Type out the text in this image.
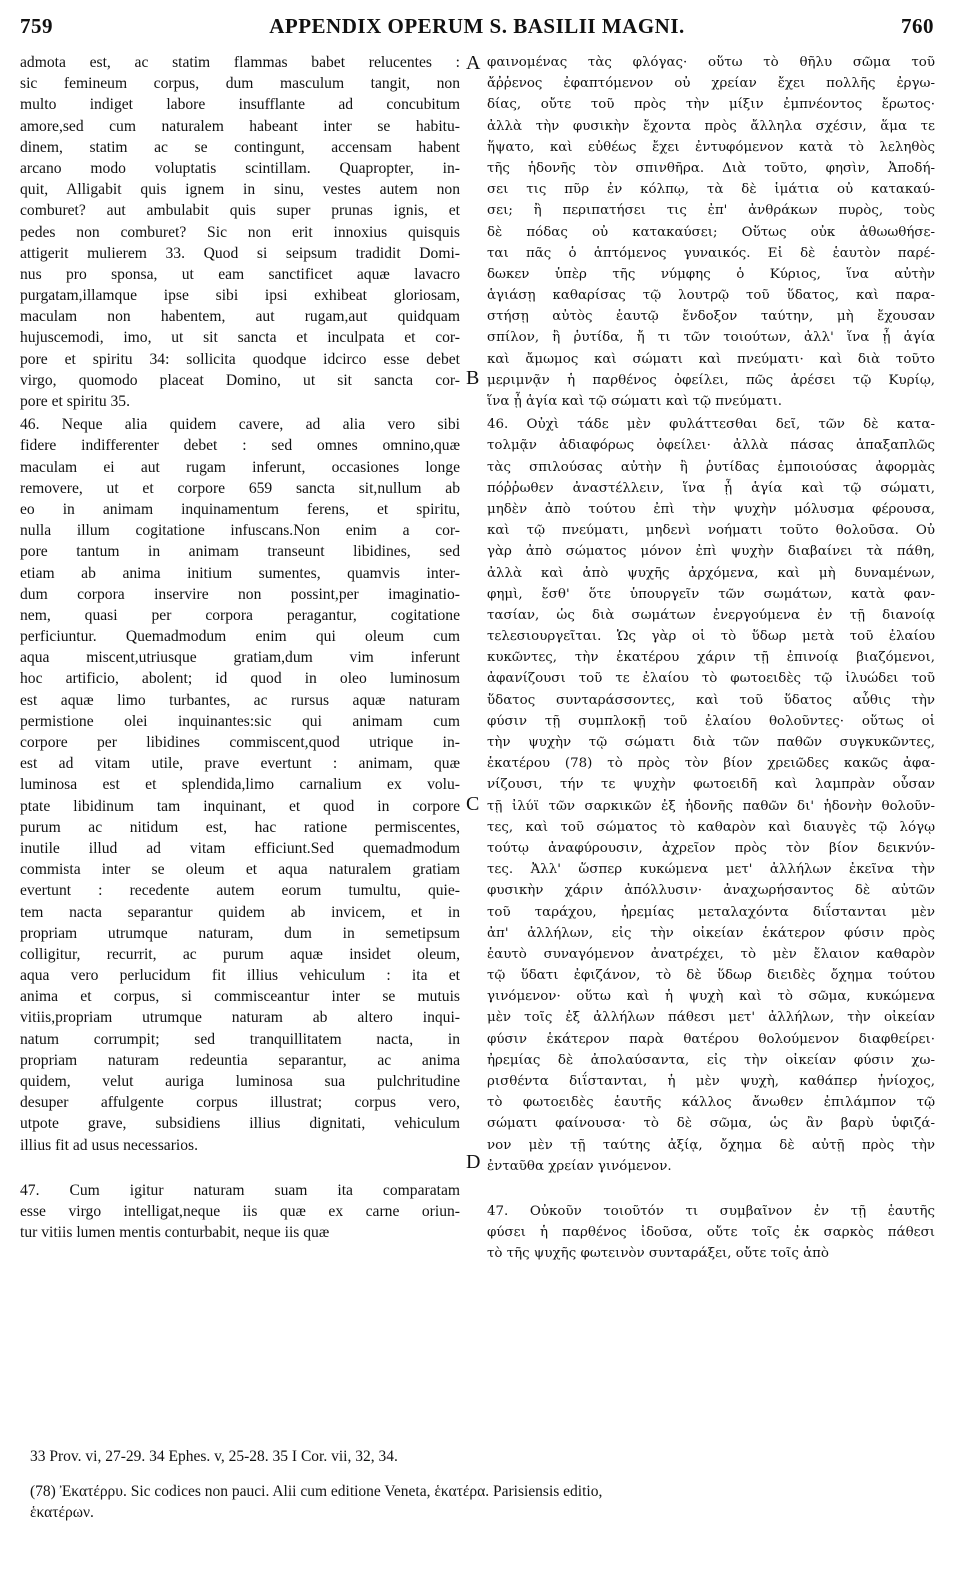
759	APPENDIX OPERUM S. BASILII MAGNI.	760
A
B
C
D
admota est, ac statim flammas babet relucentes :
sic femineum corpus, dum masculum tangit, non
multo indiget labore insufflante ad concubitum
amore,sed cum naturalem habeant inter se habitu-
dinem, statim ac se contingunt, accensam habent
arcano modo voluptatis scintillam. Quapropter, in-
quit, Alligabit quis ignem in sinu, vestes autem non
comburet? aut ambulabit quis super prunas ignis, et
pedes non comburet? Sic non erit innoxius quisquis
attigerit mulierem 33. Quod si seipsum tradidit Domi-
nus pro sponsa, ut eam sanctificet aquæ lavacro
purgatam,illamque ipse sibi ipsi exhibeat gloriosam,
maculam non habentem, aut rugam,aut quidquam
hujuscemodi, imo, ut sit sancta et inculpata et cor-
pore et spiritu 34: sollicita quodque idcirco esse debet
virgo, quomodo placeat Domino, ut sit sancta cor-
pore et spiritu 35.
46. Neque alia quidem cavere, ad alia vero sibi
fidere indifferenter debet : sed omnes omnino,quæ
maculam ei aut rugam inferunt, occasiones longe
removere, ut et corpore 659 sancta sit,nullum ab
eo in animam inquinamentum ferens, et spiritu,
nulla illum cogitatione infuscans.Non enim a cor-
pore tantum in animam transeunt libidines, sed
etiam ab anima initium sumentes, quamvis inter-
dum corpora inservire non possint,per imaginatio-
nem, quasi per corpora peragantur, cogitatione
perficiuntur. Quemadmodum enim qui oleum cum
aqua miscent,utriusque gratiam,dum vim inferunt
hoc artificio, abolent; id quod in oleo luminosum
est aquæ limo turbantes, ac rursus aquæ naturam
permistione olei inquinantes:sic qui animam cum
corpore per libidines commiscent,quod utrique in-
est ad vitam utile, prave evertunt : animam, quæ
luminosa est et splendida,limo carnalium ex volu-
ptate libidinum tam inquinant, et quod in corpore
purum ac nitidum est, hac ratione permiscentes,
inutile illud ad vitam efficiunt.Sed quemadmodum
commista inter se oleum et aqua naturalem gratiam
evertunt : recedente autem eorum tumultu, quie-
tem nacta separantur quidem ab invicem, et in
propriam utrumque naturam, dum in semetipsum
colligitur, recurrit, ac purum aquæ insidet oleum,
aqua vero perlucidum fit illius vehiculum : ita et
anima et corpus, si commisceantur inter se mutuis
vitiis,propriam utrumque naturam ab altero inqui-
natum corrumpit; sed tranquillitatem nacta, in
propriam naturam redeuntia separantur, ac anima
quidem, velut auriga luminosa sua pulchritudine
desuper affulgente corpus illustrat; corpus vero,
utpote grave, subsidiens illius dignitati, vehiculum
illius fit ad usus necessarios.
47. Cum igitur naturam suam ita comparatam
esse virgo intelligat,neque iis quæ ex carne oriun-
tur vitiis lumen mentis conturbabit, neque iis quæ
φαινομένας τὰς φλόγας· οὕτω τὸ θῆλυ σῶμα τοῦ
ἄῤῥενος ἐφαπτόμενον οὐ χρείαν ἔχει πολλῆς ἐργω-
δίας, οὔτε τοῦ πρὸς τὴν μίξιν ἐμπνέοντος ἔρωτος·
ἀλλὰ τὴν φυσικὴν ἔχοντα πρὸς ἄλληλα σχέσιν, ἅμα τε
ἥψατο, καὶ εὐθέως ἔχει ἐντυφόμενον κατὰ τὸ λεληθὸς
τῆς ἡδονῆς τὸν σπινθῆρα. Διὰ τοῦτο, φησὶν, Ἀποδή-
σει τις πῦρ ἐν κόλπῳ, τὰ δὲ ἱμάτια οὐ κατακαύ-
σει; ἢ περιπατήσει τις ἐπ' ἀνθράκων πυρὸς, τοὺς
δὲ πόδας οὐ κατακαύσει; Οὕτως οὐκ ἀθωωθήσε-
ται πᾶς ὁ ἁπτόμενος γυναικός. Εἰ δὲ ἑαυτὸν παρέ-
δωκεν ὑπὲρ τῆς νύμφης ὁ Κύριος, ἵνα αὐτὴν
ἁγιάσῃ καθαρίσας τῷ λουτρῷ τοῦ ὕδατος, καὶ παρα-
στήσῃ αὐτὸς ἑαυτῷ ἔνδοξον ταύτην, μὴ ἔχουσαν
σπίλον, ἢ ῥυτίδα, ἤ τι τῶν τοιούτων, ἀλλ' ἵνα ᾖ ἁγία
καὶ ἄμωμος καὶ σώματι καὶ πνεύματι· καὶ διὰ τοῦτο
μεριμνᾷν ἡ παρθένος ὀφείλει, πῶς ἀρέσει τῷ Κυρίῳ,
ἵνα ᾖ ἁγία καὶ τῷ σώματι καὶ τῷ πνεύματι.
46. Οὐχὶ τάδε μὲν φυλάττεσθαι δεῖ, τῶν δὲ κατα-
τολμᾷν ἀδιαφόρως ὀφείλει· ἀλλὰ πάσας ἁπαξαπλῶς
τὰς σπιλούσας αὐτὴν ἢ ῥυτίδας ἐμποιούσας ἀφορμὰς
πόῤῥωθεν ἀναστέλλειν, ἵνα ᾖ ἁγία καὶ τῷ σώματι,
μηδὲν ἀπὸ τούτου ἐπὶ τὴν ψυχὴν μόλυσμα φέρουσα,
καὶ τῷ πνεύματι, μηδενὶ νοήματι τοῦτο θολοῦσα. Οὐ
γὰρ ἀπὸ σώματος μόνον ἐπὶ ψυχὴν διαβαίνει τὰ πάθη,
ἀλλὰ καὶ ἀπὸ ψυχῆς ἀρχόμενα, καὶ μὴ δυναμένων,
φημὶ, ἔσθ' ὅτε ὑπουργεῖν τῶν σωμάτων, κατὰ φαν-
τασίαν, ὡς διὰ σωμάτων ἐνεργούμενα ἐν τῇ διανοίᾳ
τελεσιουργεῖται. Ὡς γὰρ οἱ τὸ ὕδωρ μετὰ τοῦ ἐλαίου
κυκῶντες, τὴν ἑκατέρου χάριν τῇ ἐπινοίᾳ βιαζόμενοι,
ἀφανίζουσι τοῦ τε ἐλαίου τὸ φωτοειδὲς τῷ ἰλυώδει τοῦ
ὕδατος συνταράσσοντες, καὶ τοῦ ὕδατος αὖθις τὴν
φύσιν τῇ συμπλοκῇ τοῦ ἐλαίου θολοῦντες· οὕτως οἱ
τὴν ψυχὴν τῷ σώματι διὰ τῶν παθῶν συγκυκῶντες,
ἑκατέρου (78) τὸ πρὸς τὸν βίον χρειῶδες κακῶς ἀφα-
νίζουσι, τήν τε ψυχὴν φωτοειδῆ καὶ λαμπρὰν οὖσαν
τῇ ἰλύϊ τῶν σαρκικῶν ἐξ ἡδονῆς παθῶν δι' ἡδονὴν θολοῦν-
τες, καὶ τοῦ σώματος τὸ καθαρὸν καὶ διαυγὲς τῷ λόγῳ
τούτῳ ἀναφύρουσιν, ἀχρεῖον πρὸς τὸν βίον δεικνύν-
τες. Ἀλλ' ὥσπερ κυκώμενα μετ' ἀλλήλων ἐκεῖνα τὴν
φυσικὴν χάριν ἀπόλλυσιν· ἀναχωρήσαντος δὲ αὐτῶν
τοῦ ταράχου, ἠρεμίας μεταλαχόντα διΐστανται μὲν
ἀπ' ἀλλήλων, εἰς τὴν οἰκείαν ἑκάτερον φύσιν πρὸς
ἑαυτὸ συναγόμενον ἀνατρέχει, τὸ μὲν ἔλαιον καθαρὸν
τῷ ὕδατι ἐφιζάνον, τὸ δὲ ὕδωρ διειδὲς ὄχημα τούτου
γινόμενον· οὕτω καὶ ἡ ψυχὴ καὶ τὸ σῶμα, κυκώμενα
μὲν τοῖς ἐξ ἀλλήλων πάθεσι μετ' ἀλλήλων, τὴν οἰκείαν
φύσιν ἑκάτερον παρὰ θατέρου θολούμενον διαφθείρει·
ἠρεμίας δὲ ἀπολαύσαντα, εἰς τὴν οἰκείαν φύσιν χω-
ρισθέντα διΐστανται, ἡ μὲν ψυχὴ, καθάπερ ἡνίοχος,
τὸ φωτοειδὲς ἑαυτῆς κάλλος ἄνωθεν ἐπιλάμπον τῷ
σώματι φαίνουσα· τὸ δὲ σῶμα, ὡς ἂν βαρὺ ὑφιζά-
νον μὲν τῇ ταύτης ἀξίᾳ, ὄχημα δὲ αὐτῇ πρὸς τὴν
ἐνταῦθα χρείαν γινόμενον.
47. Οὐκοῦν τοιοῦτόν τι συμβαῖνον ἐν τῇ ἑαυτῆς
φύσει ἡ παρθένος ἰδοῦσα, οὔτε τοῖς ἐκ σαρκὸς πάθεσι
τὸ τῆς ψυχῆς φωτεινὸν συνταράξει, οὔτε τοῖς ἀπὸ

33 Prov. vi, 27-29. 34 Ephes. v, 25-28. 35 I Cor. vii, 32, 34.

(78) Ἐκατέρρυ. Sic codices non pauci. Alii cum editione Veneta, ἑκατέρα. Parisiensis editio,

ἑκατέρων.
